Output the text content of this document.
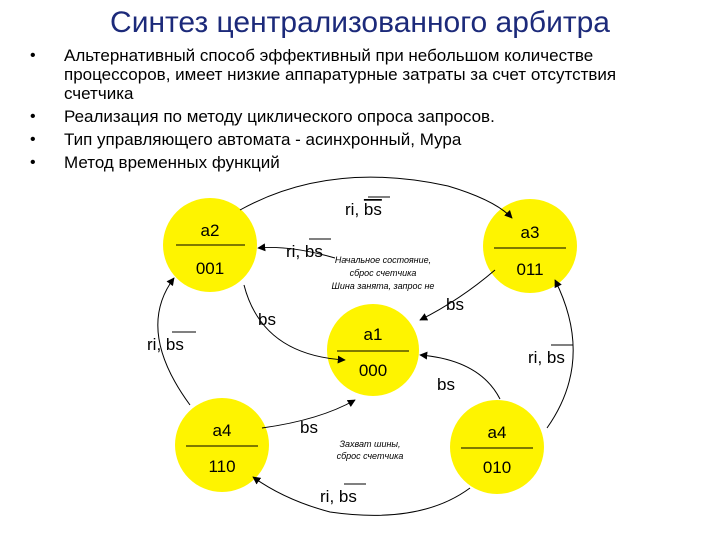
Синтез централизованного арбитра
• Альтернативный способ эффективный при небольшом количестве процессоров, имеет низкие аппаратурные затраты за счет отсутствия счетчика
• Реализация по методу циклического опроса запросов.
• Тип управляющего автомата - асинхронный, Мура
• Метод временных функций
a2
001
a3
011
a1
000
a4
110
a4
010
ri, bs
ri, bs
bs
bs
ri, bs
ri, bs
bs
bs
ri, bs
Начальное состояние,
сброс счетчика
Шина занята, запрос не
Захват шины,
сброс счетчика
